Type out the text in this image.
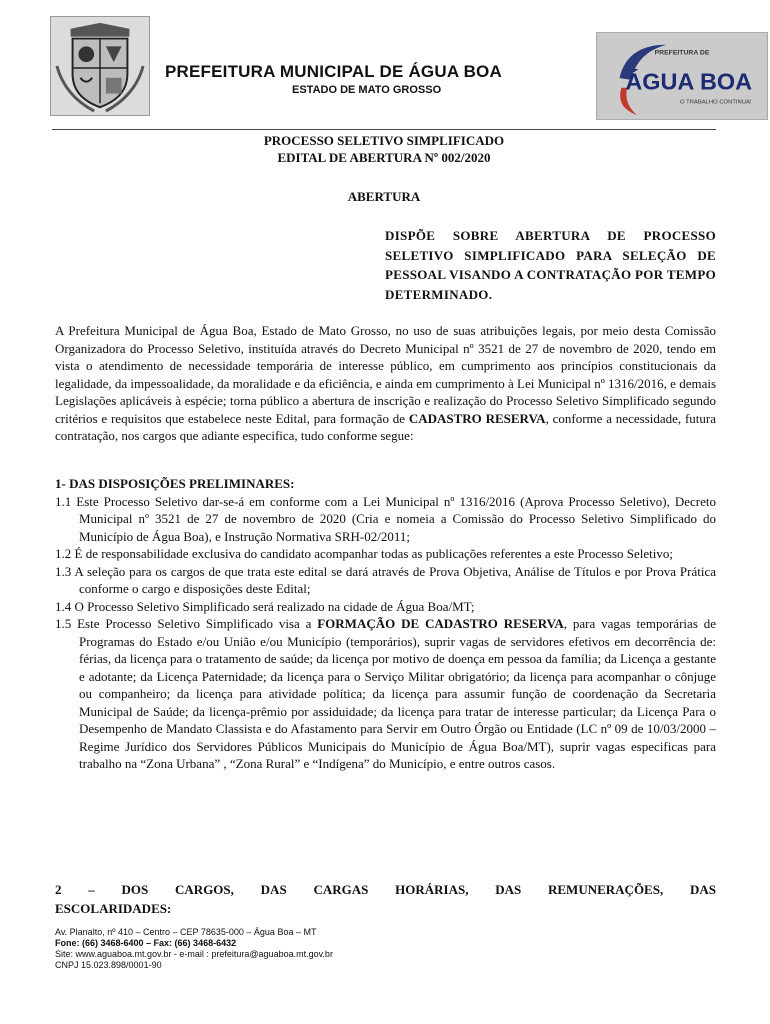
PREFEITURA MUNICIPAL DE ÁGUA BOA
ESTADO DE MATO GROSSO
PREFEITURA DE
ÁGUA BOA
O TRABALHO CONTINUA!
PROCESSO SELETIVO SIMPLIFICADO
EDITAL DE ABERTURA Nº 002/2020
ABERTURA
DISPÕE SOBRE ABERTURA DE PROCESSO SELETIVO SIMPLIFICADO PARA SELEÇÃO DE PESSOAL VISANDO A CONTRATAÇÃO POR TEMPO DETERMINADO.

A Prefeitura Municipal de Água Boa, Estado de Mato Grosso, no uso de suas atribuições legais, por meio desta Comissão Organizadora do Processo Seletivo, instituída através do Decreto Municipal nº 3521 de 27 de novembro de 2020, tendo em vista o atendimento de necessidade temporária de interesse público, em cumprimento aos princípios constitucionais da legalidade, da impessoalidade, da moralidade e da eficiência, e ainda em cumprimento à Lei Municipal nº 1316/2016, e demais Legislações aplicáveis à espécie; torna público a abertura de inscrição e realização do Processo Seletivo Simplificado segundo critérios e requisitos que estabelece neste Edital, para formação de CADASTRO RESERVA, conforme a necessidade, futura contratação, nos cargos que adiante especifica, tudo conforme segue:

1- DAS DISPOSIÇÕES PRELIMINARES:
1.1 Este Processo Seletivo dar-se-á em conforme com a Lei Municipal nº 1316/2016 (Aprova Processo Seletivo), Decreto Municipal nº 3521 de 27 de novembro de 2020 (Cria e nomeia a Comissão do Processo Seletivo Simplificado do Município de Água Boa), e Instrução Normativa SRH-02/2011;
1.2 É de responsabilidade exclusiva do candidato acompanhar todas as publicações referentes a este Processo Seletivo;
1.3 A seleção para os cargos de que trata este edital se dará através de Prova Objetiva, Análise de Títulos e por Prova Prática conforme o cargo e disposições deste Edital;
1.4 O Processo Seletivo Simplificado será realizado na cidade de Água Boa/MT;
1.5 Este Processo Seletivo Simplificado visa a FORMAÇÃO DE CADASTRO RESERVA, para vagas temporárias de Programas do Estado e/ou União e/ou Município (temporários), suprir vagas de servidores efetivos em decorrência de: férias, da licença para o tratamento de saúde; da licença por motivo de doença em pessoa da família; da Licença a gestante e adotante; da Licença Paternidade; da licença para o Serviço Militar obrigatório; da licença para acompanhar o cônjuge ou companheiro; da licença para atividade política; da licença para assumir função de coordenação da Secretaria Municipal de Saúde; da licença-prêmio por assiduidade; da licença para tratar de interesse particular; da Licença Para o Desempenho de Mandato Classista e do Afastamento para Servir em Outro Órgão ou Entidade (LC nº 09 de 10/03/2000 – Regime Jurídico dos Servidores Públicos Municipais do Município de Água Boa/MT), suprir vagas especificas para trabalho na “Zona Urbana” , “Zona Rural” e “Indígena” do Município, e entre outros casos.
2 – DOS CARGOS, DAS CARGAS HORÁRIAS, DAS REMUNERAÇÕES, DAS
ESCOLARIDADES:
Av. Planalto, nº 410 – Centro – CEP 78635-000 – Água Boa – MT
Fone: (66) 3468-6400 – Fax: (66) 3468-6432
Site: www.aguaboa.mt.gov.br - e-mail : prefeitura@aguaboa.mt.gov.br
CNPJ 15.023.898/0001-90
